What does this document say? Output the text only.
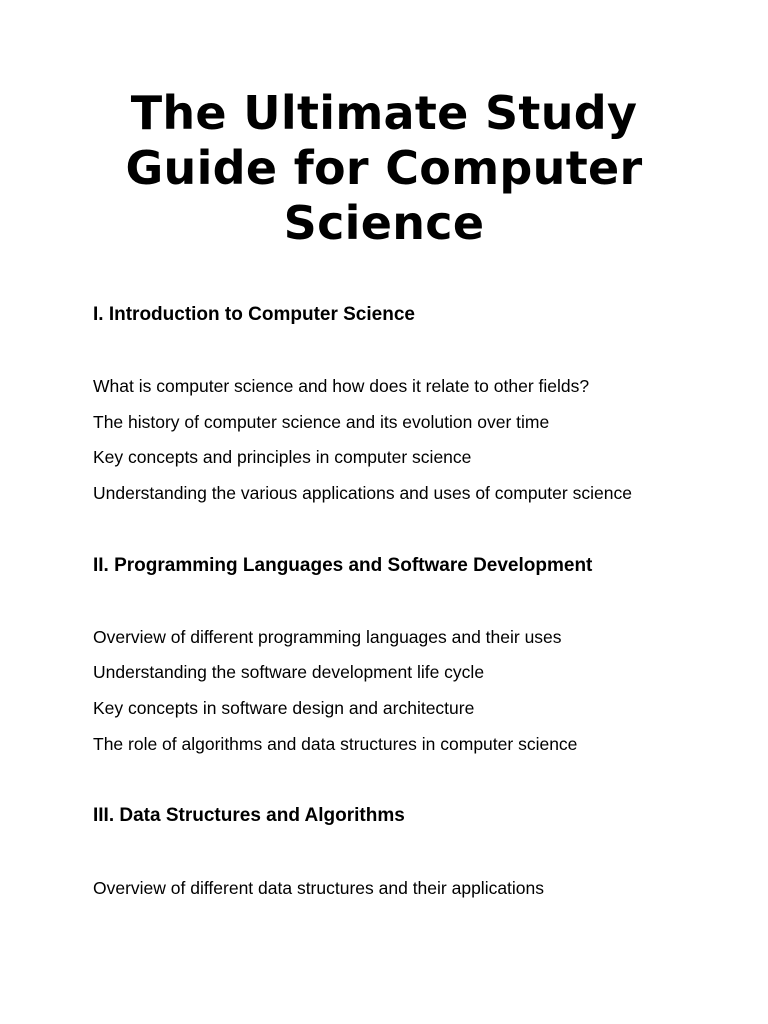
The Ultimate Study Guide for Computer Science
I. Introduction to Computer Science

What is computer science and how does it relate to other fields?

The history of computer science and its evolution over time

Key concepts and principles in computer science

Understanding the various applications and uses of computer science

II. Programming Languages and Software Development

Overview of different programming languages and their uses

Understanding the software development life cycle

Key concepts in software design and architecture

The role of algorithms and data structures in computer science

III. Data Structures and Algorithms

Overview of different data structures and their applications
